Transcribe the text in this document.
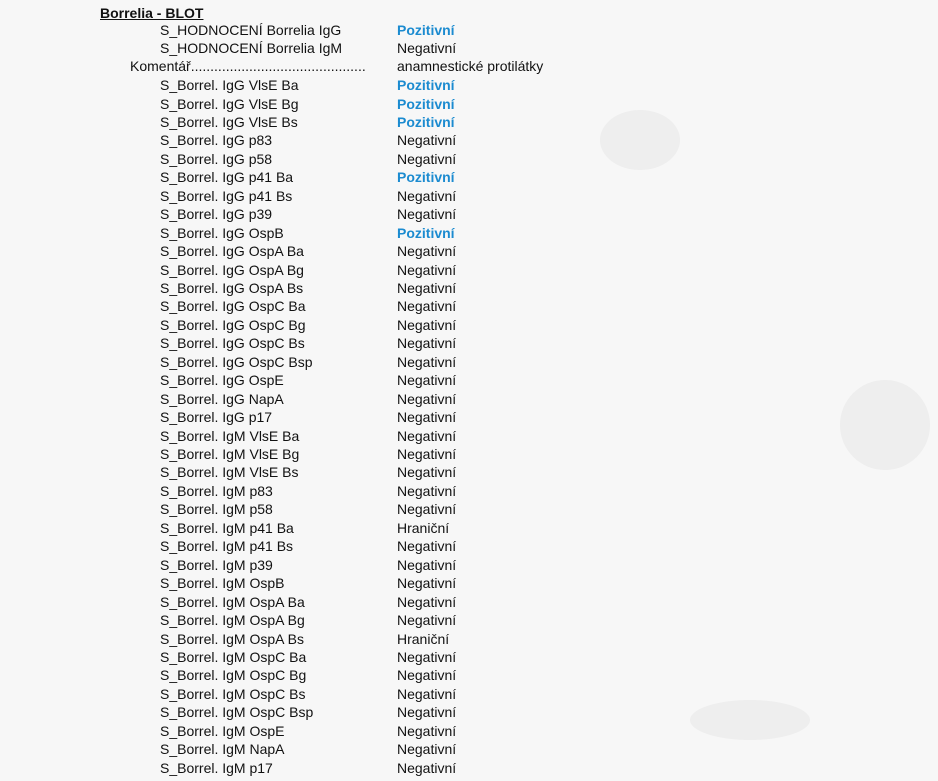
Borrelia - BLOT
S_HODNOCENÍ Borrelia IgG	Pozitivní
S_HODNOCENÍ Borrelia IgM	Negativní
Komentář............................................. anamnestické protilátky
S_Borrel. IgG VlsE Ba	Pozitivní
S_Borrel. IgG VlsE Bg	Pozitivní
S_Borrel. IgG VlsE Bs	Pozitivní
S_Borrel. IgG p83	Negativní
S_Borrel. IgG p58	Negativní
S_Borrel. IgG p41 Ba	Pozitivní
S_Borrel. IgG p41 Bs	Negativní
S_Borrel. IgG p39	Negativní
S_Borrel. IgG OspB	Pozitivní
S_Borrel. IgG OspA Ba	Negativní
S_Borrel. IgG OspA Bg	Negativní
S_Borrel. IgG OspA Bs	Negativní
S_Borrel. IgG OspC Ba	Negativní
S_Borrel. IgG OspC Bg	Negativní
S_Borrel. IgG OspC Bs	Negativní
S_Borrel. IgG OspC Bsp	Negativní
S_Borrel. IgG OspE	Negativní
S_Borrel. IgG NapA	Negativní
S_Borrel. IgG p17	Negativní
S_Borrel. IgM VlsE Ba	Negativní
S_Borrel. IgM VlsE Bg	Negativní
S_Borrel. IgM VlsE Bs	Negativní
S_Borrel. IgM p83	Negativní
S_Borrel. IgM p58	Negativní
S_Borrel. IgM p41 Ba	Hraniční
S_Borrel. IgM p41 Bs	Negativní
S_Borrel. IgM p39	Negativní
S_Borrel. IgM OspB	Negativní
S_Borrel. IgM OspA Ba	Negativní
S_Borrel. IgM OspA Bg	Negativní
S_Borrel. IgM OspA Bs	Hraniční
S_Borrel. IgM OspC Ba	Negativní
S_Borrel. IgM OspC Bg	Negativní
S_Borrel. IgM OspC Bs	Negativní
S_Borrel. IgM OspC Bsp	Negativní
S_Borrel. IgM OspE	Negativní
S_Borrel. IgM NapA	Negativní
S_Borrel. IgM p17	Negativní
